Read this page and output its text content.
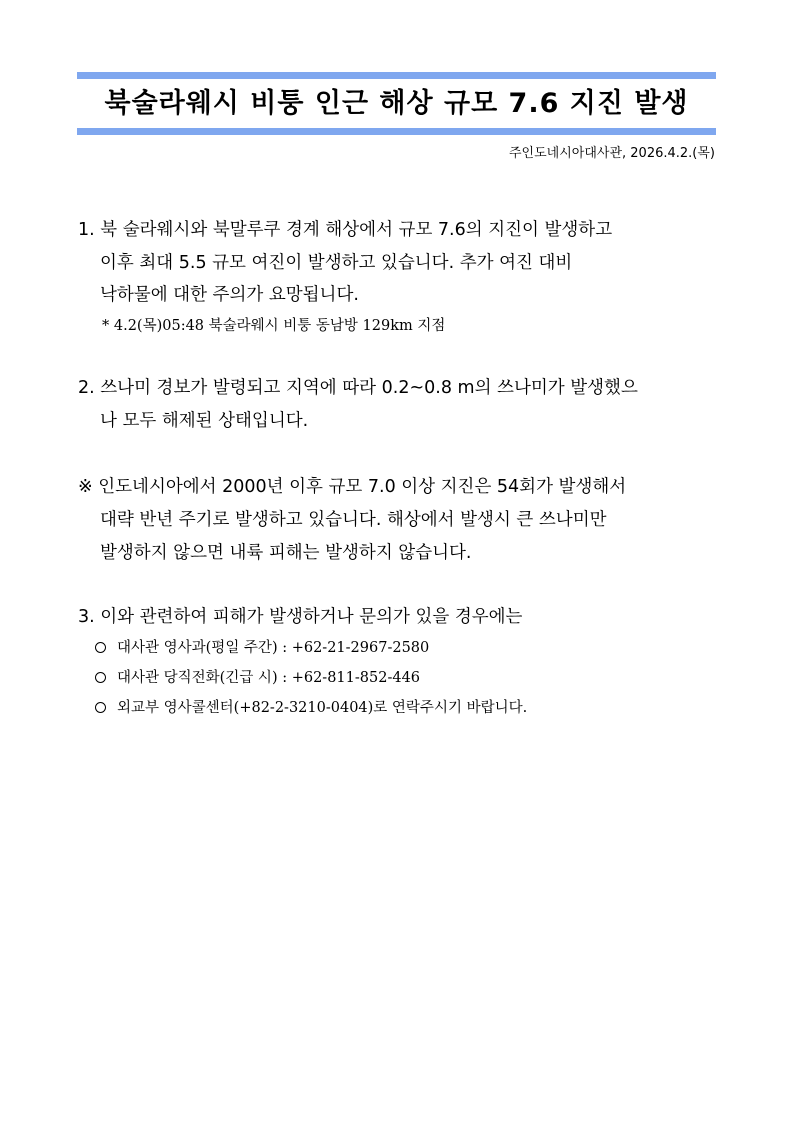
북술라웨시 비퉁 인근 해상 규모 7.6 지진 발생
주인도네시아대사관, 2026.4.2.(목)
1. 북 술라웨시와 북말루쿠 경계 해상에서 규모 7.6의 지진이 발생하고
이후 최대 5.5 규모 여진이 발생하고 있습니다. 추가 여진 대비
낙하물에 대한 주의가 요망됩니다.
* 4.2(목)05:48 북술라웨시 비퉁 동남방 129km 지점
2. 쓰나미 경보가 발령되고 지역에 따라 0.2~0.8 m의 쓰나미가 발생했으
나 모두 해제된 상태입니다.
※ 인도네시아에서 2000년 이후 규모 7.0 이상 지진은 54회가 발생해서
대략 반년 주기로 발생하고 있습니다. 해상에서 발생시 큰 쓰나미만
발생하지 않으면 내륙 피해는 발생하지 않습니다.
3. 이와 관련하여 피해가 발생하거나 문의가 있을 경우에는
대사관 영사과(평일 주간) : +62-21-2967-2580
대사관 당직전화(긴급 시) : +62-811-852-446
외교부 영사콜센터(+82-2-3210-0404)로 연락주시기 바랍니다.
